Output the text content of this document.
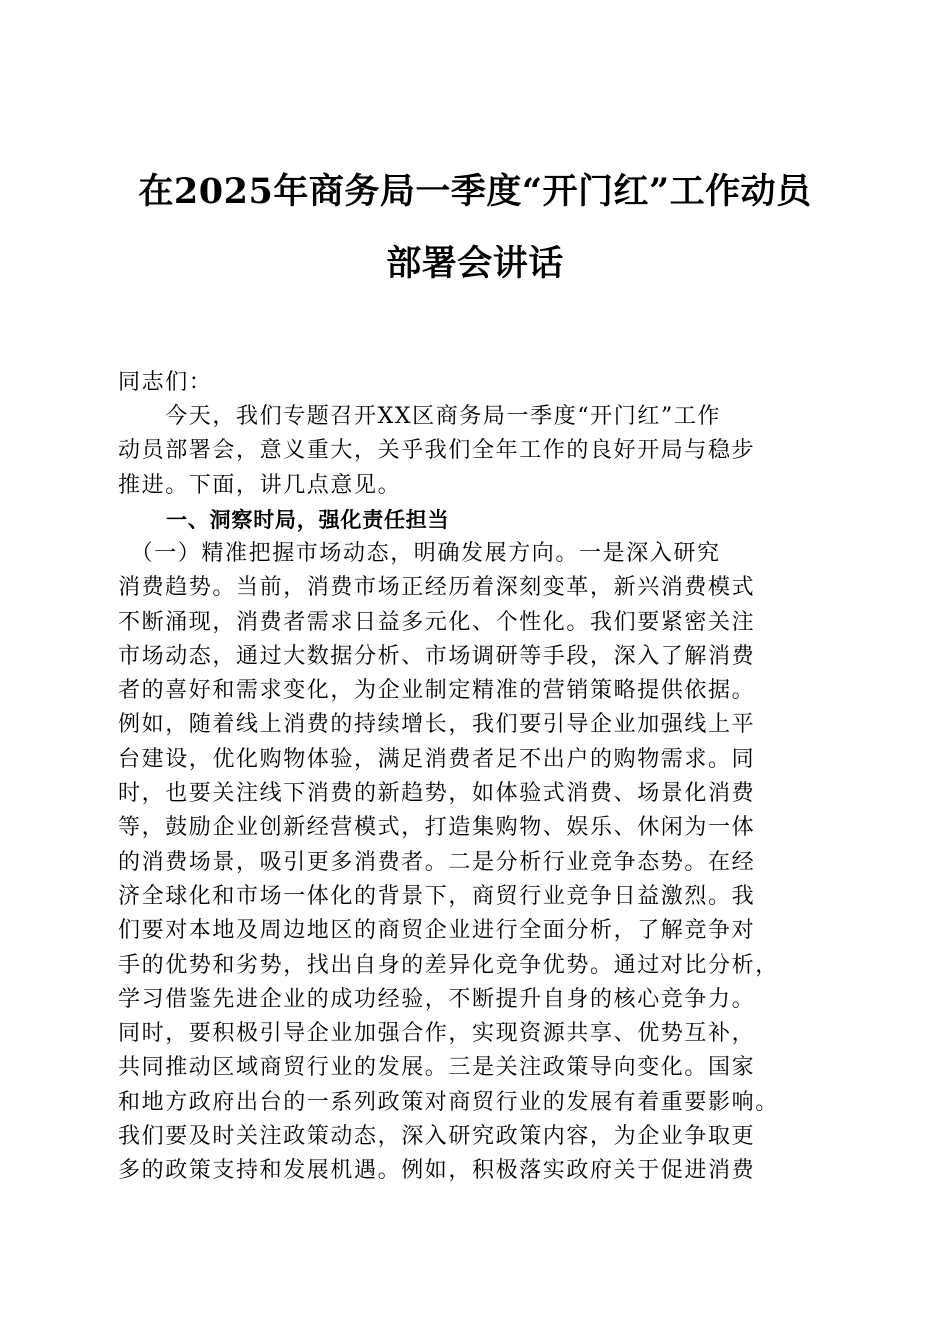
在2025年商务局一季度“开门红”工作动员
部署会讲话
同志们：
　　今天，我们专题召开XX区商务局一季度“开门红”工作
动员部署会，意义重大，关乎我们全年工作的良好开局与稳步
推进。下面，讲几点意见。
一、洞察时局，强化责任担当
　（一）精准把握市场动态，明确发展方向。一是深入研究
消费趋势。当前，消费市场正经历着深刻变革，新兴消费模式
不断涌现，消费者需求日益多元化、个性化。我们要紧密关注
市场动态，通过大数据分析、市场调研等手段，深入了解消费
者的喜好和需求变化，为企业制定精准的营销策略提供依据。
例如，随着线上消费的持续增长，我们要引导企业加强线上平
台建设，优化购物体验，满足消费者足不出户的购物需求。同
时，也要关注线下消费的新趋势，如体验式消费、场景化消费
等，鼓励企业创新经营模式，打造集购物、娱乐、休闲为一体
的消费场景，吸引更多消费者。二是分析行业竞争态势。在经
济全球化和市场一体化的背景下，商贸行业竞争日益激烈。我
们要对本地及周边地区的商贸企业进行全面分析，了解竞争对
手的优势和劣势，找出自身的差异化竞争优势。通过对比分析，
学习借鉴先进企业的成功经验，不断提升自身的核心竞争力。
同时，要积极引导企业加强合作，实现资源共享、优势互补，
共同推动区域商贸行业的发展。三是关注政策导向变化。国家
和地方政府出台的一系列政策对商贸行业的发展有着重要影响。
我们要及时关注政策动态，深入研究政策内容，为企业争取更
多的政策支持和发展机遇。例如，积极落实政府关于促进消费
